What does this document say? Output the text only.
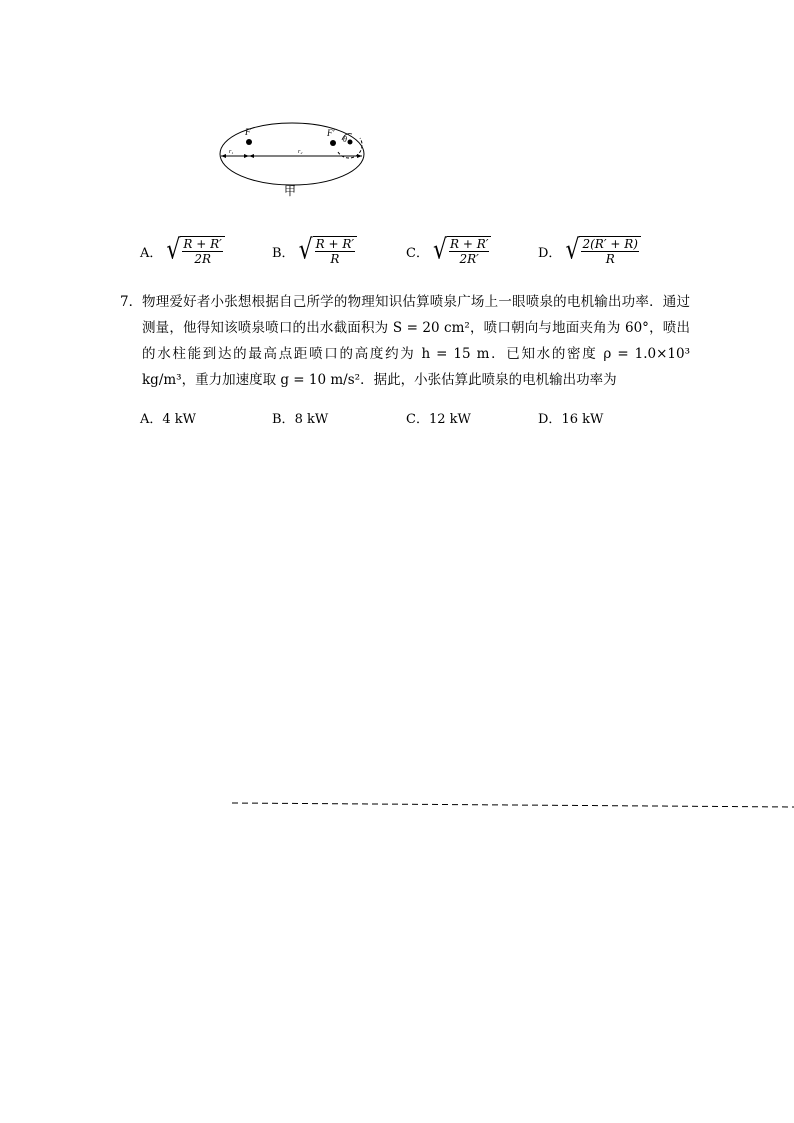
F	F′
θ
r₁	r₂
甲
A． √ $\frac{R + R'}{2R}$	B． √ $\frac{R + R'}{R}$	C． √ $\frac{R + R'}{2R'}$	D． √ $\frac{2(R' + R)}{R}$
7． 物理爱好者小张想根据自己所学的物理知识估算喷泉广场上一眼喷泉的电机输出功率．通过测量，他得知该喷泉喷口的出水截面积为 S = 20 cm²，喷口朝向与地面夹角为 60°，喷出的水柱能到达的最高点距喷口的高度约为 h = 15 m．已知水的密度 ρ = 1.0×10³ kg/m³，重力加速度取 g = 10 m/s²．据此，小张估算此喷泉的电机输出功率为
A．4 kW	B．8 kW	C．12 kW	D．16 kW
